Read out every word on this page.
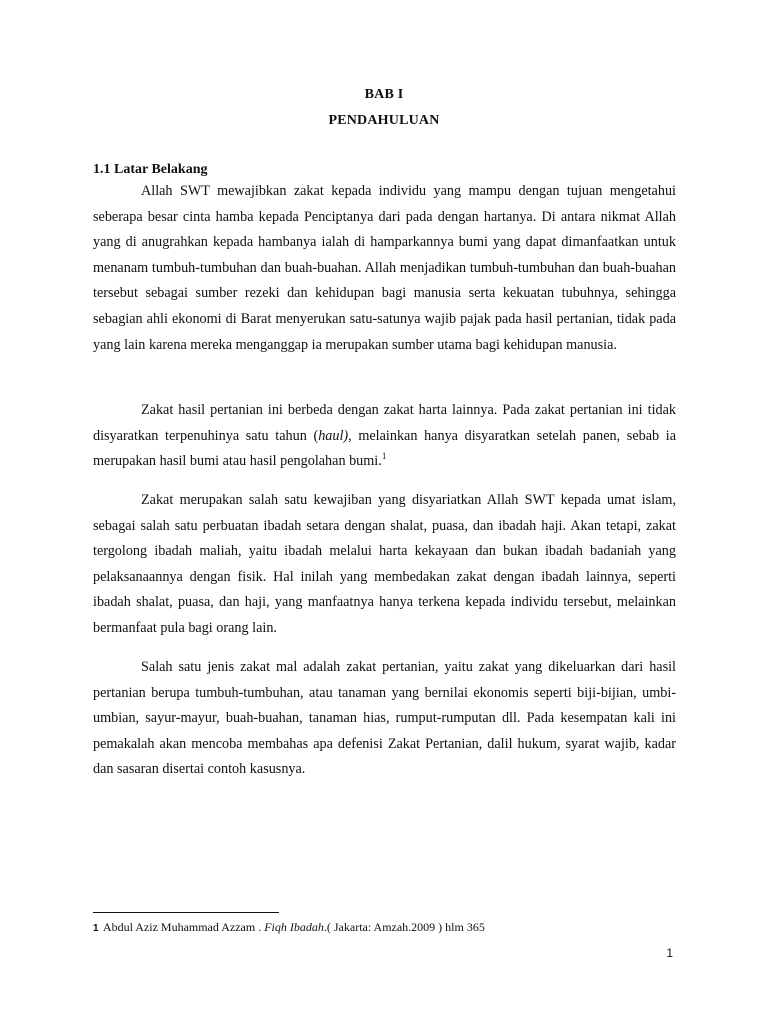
BAB I
PENDAHULUAN
1.1 Latar Belakang

Allah SWT mewajibkan zakat kepada individu yang mampu dengan tujuan mengetahui seberapa besar cinta hamba kepada Penciptanya dari pada dengan hartanya. Di antara nikmat Allah yang di anugrahkan kepada hambanya ialah di hamparkannya bumi yang dapat dimanfaatkan untuk menanam tumbuh-tumbuhan dan buah-buahan. Allah menjadikan tumbuh-tumbuhan dan buah-buahan tersebut sebagai sumber rezeki dan kehidupan bagi manusia serta kekuatan tubuhnya, sehingga sebagian ahli ekonomi di Barat menyerukan satu-satunya wajib pajak pada hasil pertanian, tidak pada yang lain karena mereka menganggap ia merupakan sumber utama bagi kehidupan manusia.

Zakat hasil pertanian ini berbeda dengan zakat harta lainnya. Pada zakat pertanian ini tidak disyaratkan terpenuhinya satu tahun (haul), melainkan hanya disyaratkan setelah panen, sebab ia merupakan hasil bumi atau hasil pengolahan bumi.$^1$

Zakat merupakan salah satu kewajiban yang disyariatkan Allah SWT kepada umat islam, sebagai salah satu perbuatan ibadah setara dengan shalat, puasa, dan ibadah haji. Akan tetapi, zakat tergolong ibadah maliah, yaitu ibadah melalui harta kekayaan dan bukan ibadah badaniah yang pelaksanaannya dengan fisik. Hal inilah yang membedakan zakat dengan ibadah lainnya, seperti ibadah shalat, puasa, dan haji, yang manfaatnya hanya terkena kepada individu tersebut, melainkan bermanfaat pula bagi orang lain.

Salah satu jenis zakat mal adalah zakat pertanian, yaitu zakat yang dikeluarkan dari hasil pertanian berupa tumbuh-tumbuhan, atau tanaman yang bernilai ekonomis seperti biji-bijian, umbi-umbian, sayur-mayur, buah-buahan, tanaman hias, rumput-rumputan dll. Pada kesempatan kali ini pemakalah akan mencoba membahas apa defenisi Zakat Pertanian, dalil hukum, syarat wajib, kadar dan sasaran disertai contoh kasusnya.

1 Abdul Aziz Muhammad Azzam . Fiqh Ibadah.( Jakarta: Amzah.2009 ) hlm 365
1
